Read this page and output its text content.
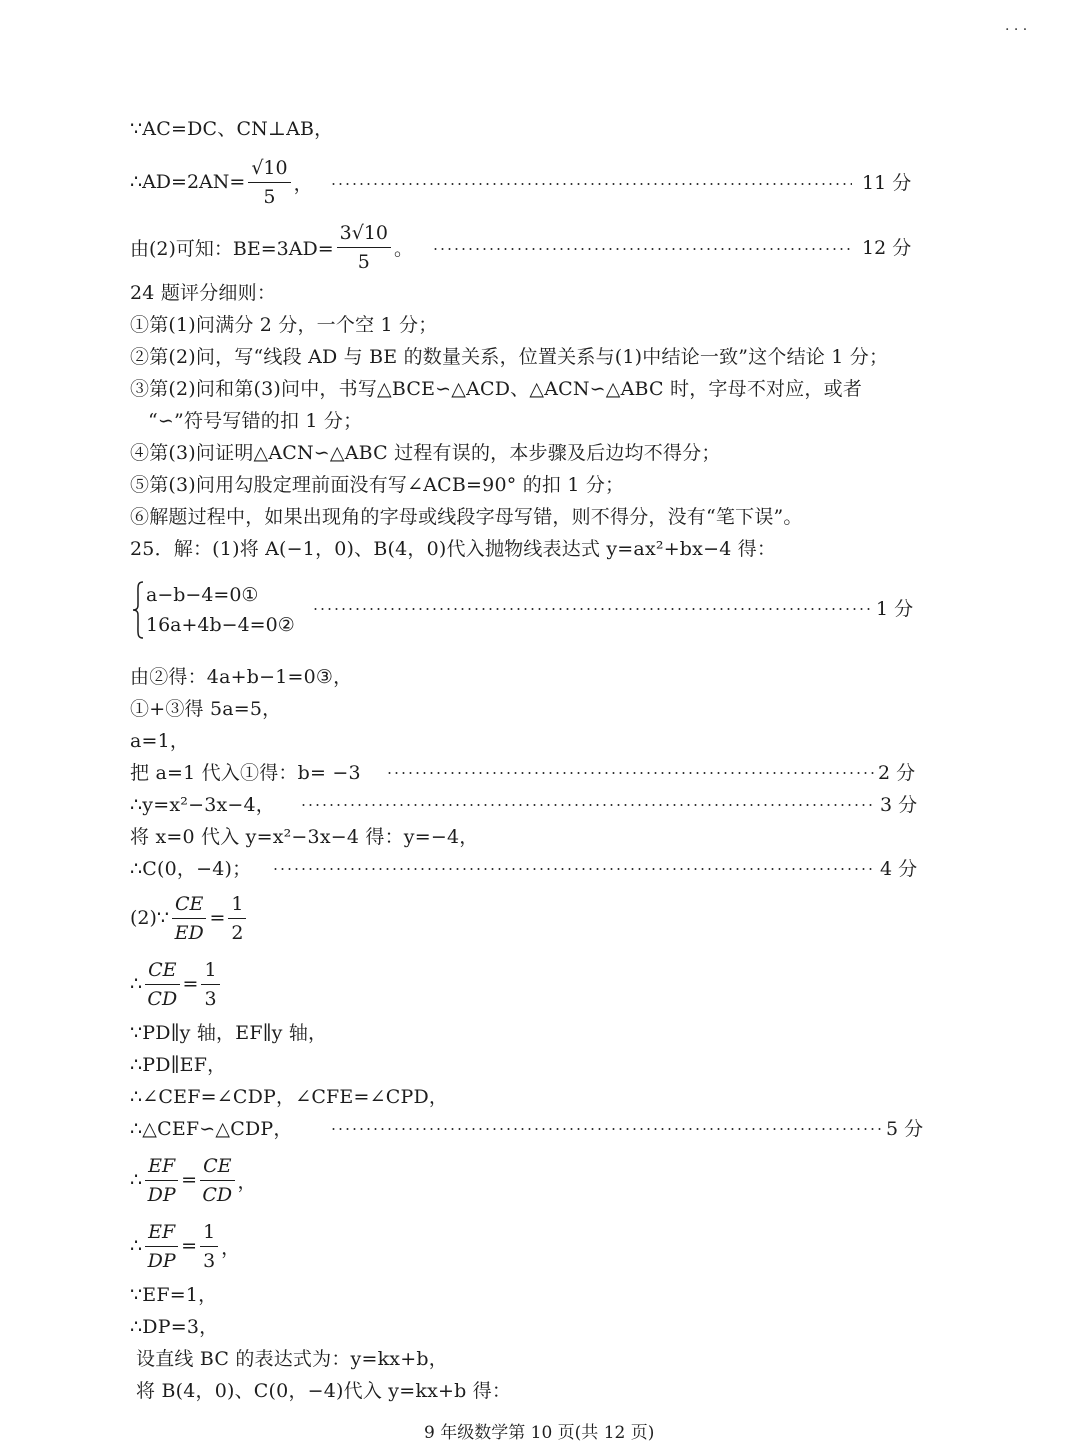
· · ·
∵AC=DC、CN⊥AB，
∴AD=2AN= $\frac{√10}{5}$ ，	11 分
由(2)可知：$BE=3AD= \frac{3√10}{5}$ 。	12 分
24 题评分细则：
①第(1)问满分 2 分，一个空 1 分；
②第(2)问，写“线段 AD 与 BE 的数量关系，位置关系与(1)中结论一致”这个结论 1 分；
③第(2)问和第(3)问中，书写△BCE∽△ACD、△ACN∽△ABC 时，字母不对应，或者
“∽”符号写错的扣 1 分；
④第(3)问证明△ACN∽△ABC 过程有误的，本步骤及后边均不得分；
⑤第(3)问用勾股定理前面没有写∠ACB=90° 的扣 1 分；
⑥解题过程中，如果出现角的字母或线段字母写错，则不得分，没有“笔下误”。
25．解：(1)将 A(−1，0)、B(4，0)代入抛物线表达式 y=ax²+bx−4 得：
a−b−4=0①
16a+4b−4=0②
1 分
由②得：4a+b−1=0③，
①+③得 5a=5，
a=1，
把 a=1 代入①得：b= −3	2 分
∴y=x²−3x−4，	3 分
将 x=0 代入 y=x²−3x−4 得：y=−4，
∴C(0，−4)；	4 分
(2)∵ $\frac{CE}{ED} = \frac{1}{2}$
∴ $\frac{CE}{CD} = \frac{1}{3}$
∵PD∥y 轴，EF∥y 轴，
∴PD∥EF，
∴∠CEF=∠CDP，∠CFE=∠CPD，
∴△CEF∽△CDP，	5 分
∴ $\frac{EF}{DP} = \frac{CE}{CD}$ ，
∴ $\frac{EF}{DP} = \frac{1}{3}$ ，
∵EF=1，
∴DP=3，
设直线 BC 的表达式为：y=kx+b，
将 B(4，0)、C(0，−4)代入 y=kx+b 得：
9 年级数学第 10 页(共 12 页)
